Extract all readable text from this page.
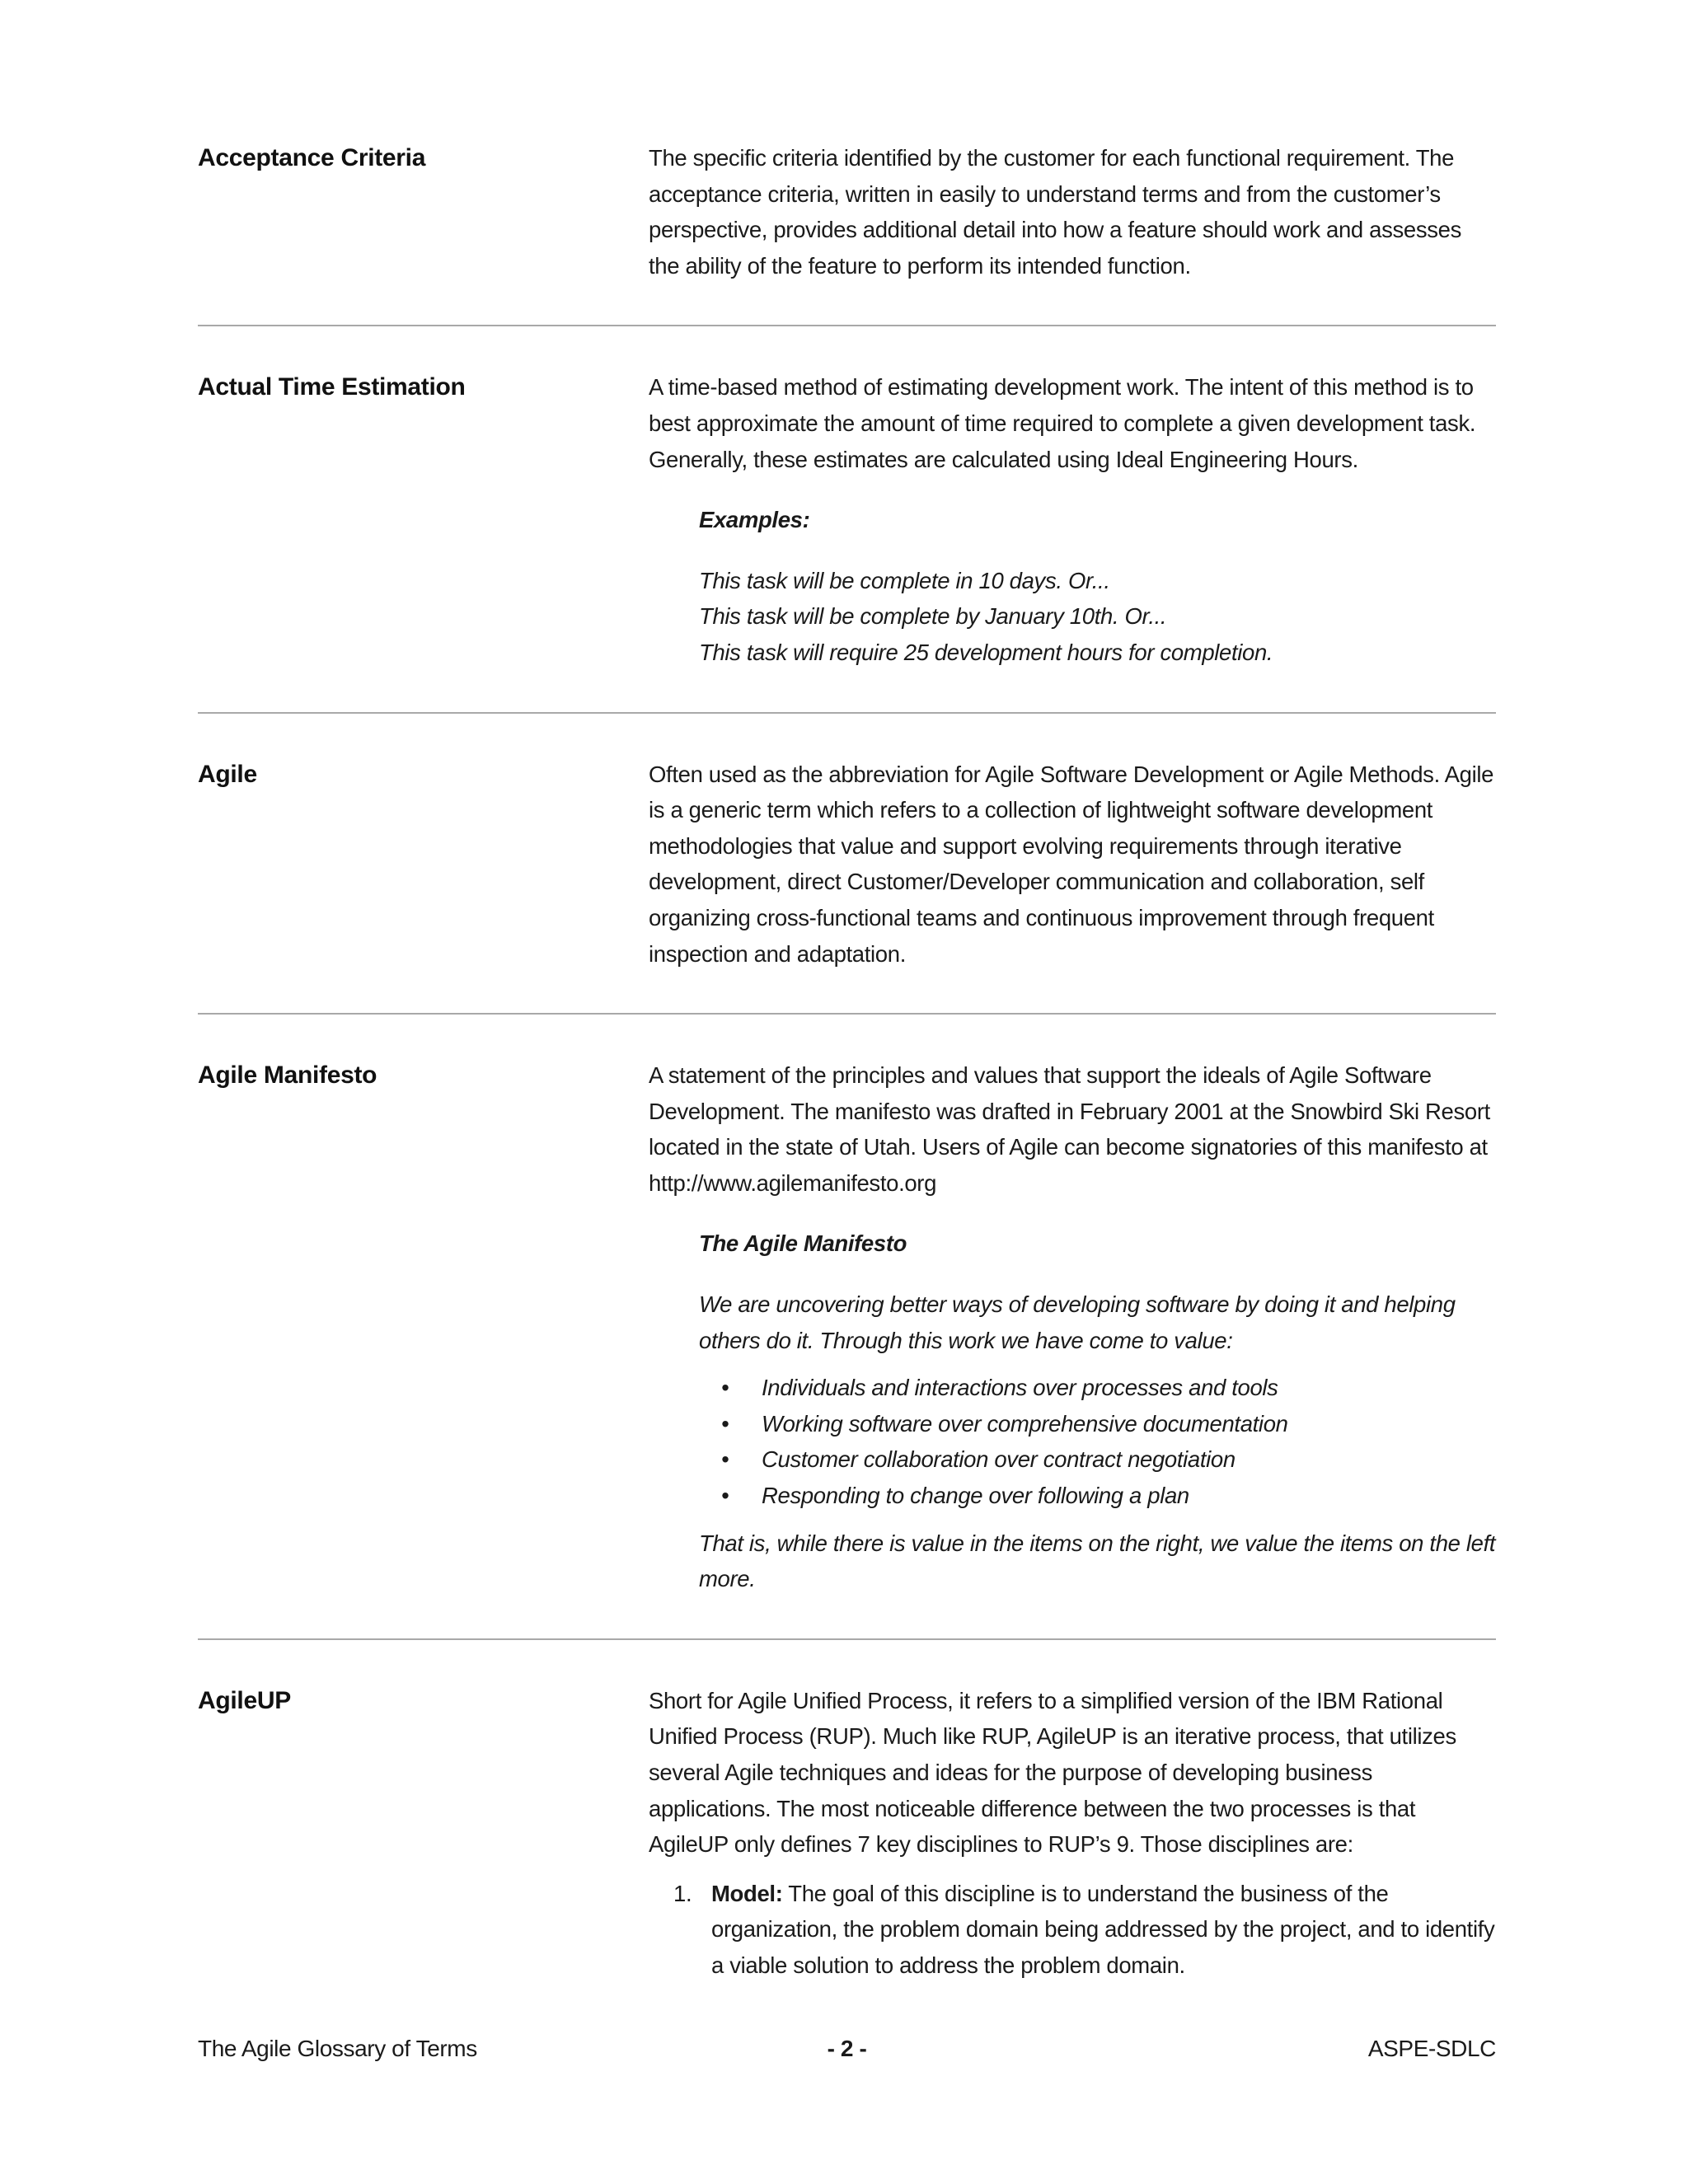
Acceptance Criteria	The specific criteria identified by the customer for each functional requirement. The acceptance criteria, written in easily to understand terms and from the customer’s perspective, provides additional detail into how a feature should work and assesses the ability of the feature to perform its intended function.

Actual Time Estimation	A time-based method of estimating development work. The intent of this method is to best approximate the amount of time required to complete a given development task. Generally, these estimates are calculated using Ideal Engineering Hours.

Examples:
This task will be complete in 10 days. Or...
This task will be complete by January 10th. Or...
This task will require 25 development hours for completion.
Agile	Often used as the abbreviation for Agile Software Development or Agile Methods. Agile is a generic term which refers to a collection of lightweight software development methodologies that value and support evolving requirements through iterative development, direct Customer/Developer communication and collaboration, self organizing cross-functional teams and continuous improvement through frequent inspection and adaptation.

Agile Manifesto	A statement of the principles and values that support the ideals of Agile Software Development. The manifesto was drafted in February 2001 at the Snowbird Ski Resort located in the state of Utah. Users of Agile can become signatories of this manifesto at http://www.agilemanifesto.org

The Agile Manifesto
We are uncovering better ways of developing software by doing it and helping others do it. Through this work we have come to value:
• Individuals and interactions over processes and tools
• Working software over comprehensive documentation
• Customer collaboration over contract negotiation
• Responding to change over following a plan
That is, while there is value in the items on the right, we value the items on the left more.
AgileUP	Short for Agile Unified Process, it refers to a simplified version of the IBM Rational Unified Process (RUP). Much like RUP, AgileUP is an iterative process, that utilizes several Agile techniques and ideas for the purpose of developing business applications. The most noticeable difference between the two processes is that AgileUP only defines 7 key disciplines to RUP’s 9. Those disciplines are:

1. Model: The goal of this discipline is to understand the business of the organization, the problem domain being addressed by the project, and to identify a viable solution to address the problem domain.
The Agile Glossary of Terms	- 2 -	ASPE-SDLC
